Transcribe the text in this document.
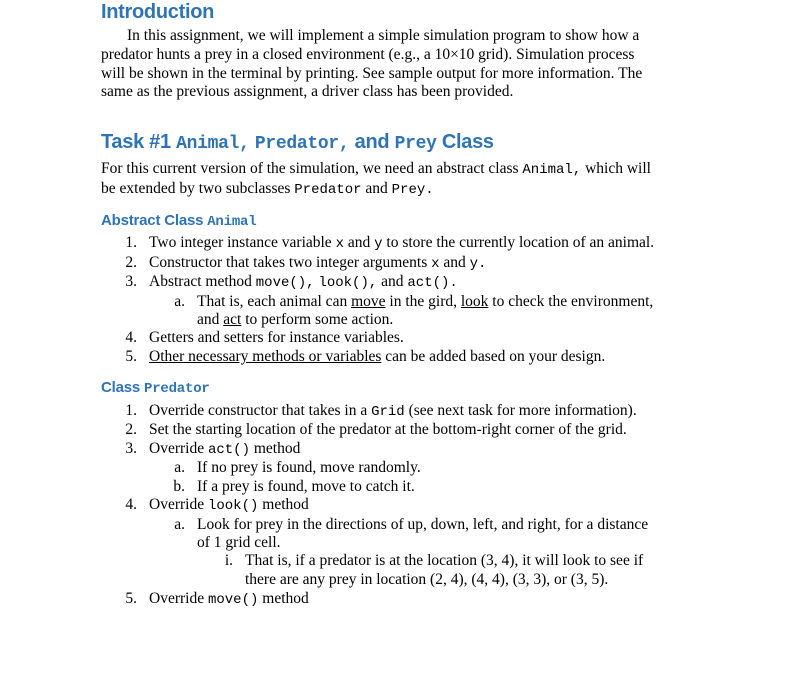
Introduction
In this assignment, we will implement a simple simulation program to show how a
predator hunts a prey in a closed environment (e.g., a 10×10 grid). Simulation process
will be shown in the terminal by printing. See sample output for more information. The
same as the previous assignment, a driver class has been provided.
Task #1 Animal, Predator, and Prey Class
For this current version of the simulation, we need an abstract class Animal, which will
be extended by two subclasses Predator and Prey.
Abstract Class Animal
1. Two integer instance variable x and y to store the currently location of an animal.
2. Constructor that takes two integer arguments x and y.
3. Abstract method move(), look(), and act().
a. That is, each animal can move in the gird, look to check the environment,
and act to perform some action.
4. Getters and setters for instance variables.
5. Other necessary methods or variables can be added based on your design.
Class Predator
1. Override constructor that takes in a Grid (see next task for more information).
2. Set the starting location of the predator at the bottom-right corner of the grid.
3. Override act() method
a. If no prey is found, move randomly.
b. If a prey is found, move to catch it.
4. Override look() method
a. Look for prey in the directions of up, down, left, and right, for a distance
of 1 grid cell.
i. That is, if a predator is at the location (3, 4), it will look to see if
there are any prey in location (2, 4), (4, 4), (3, 3), or (3, 5).
5. Override move() method
